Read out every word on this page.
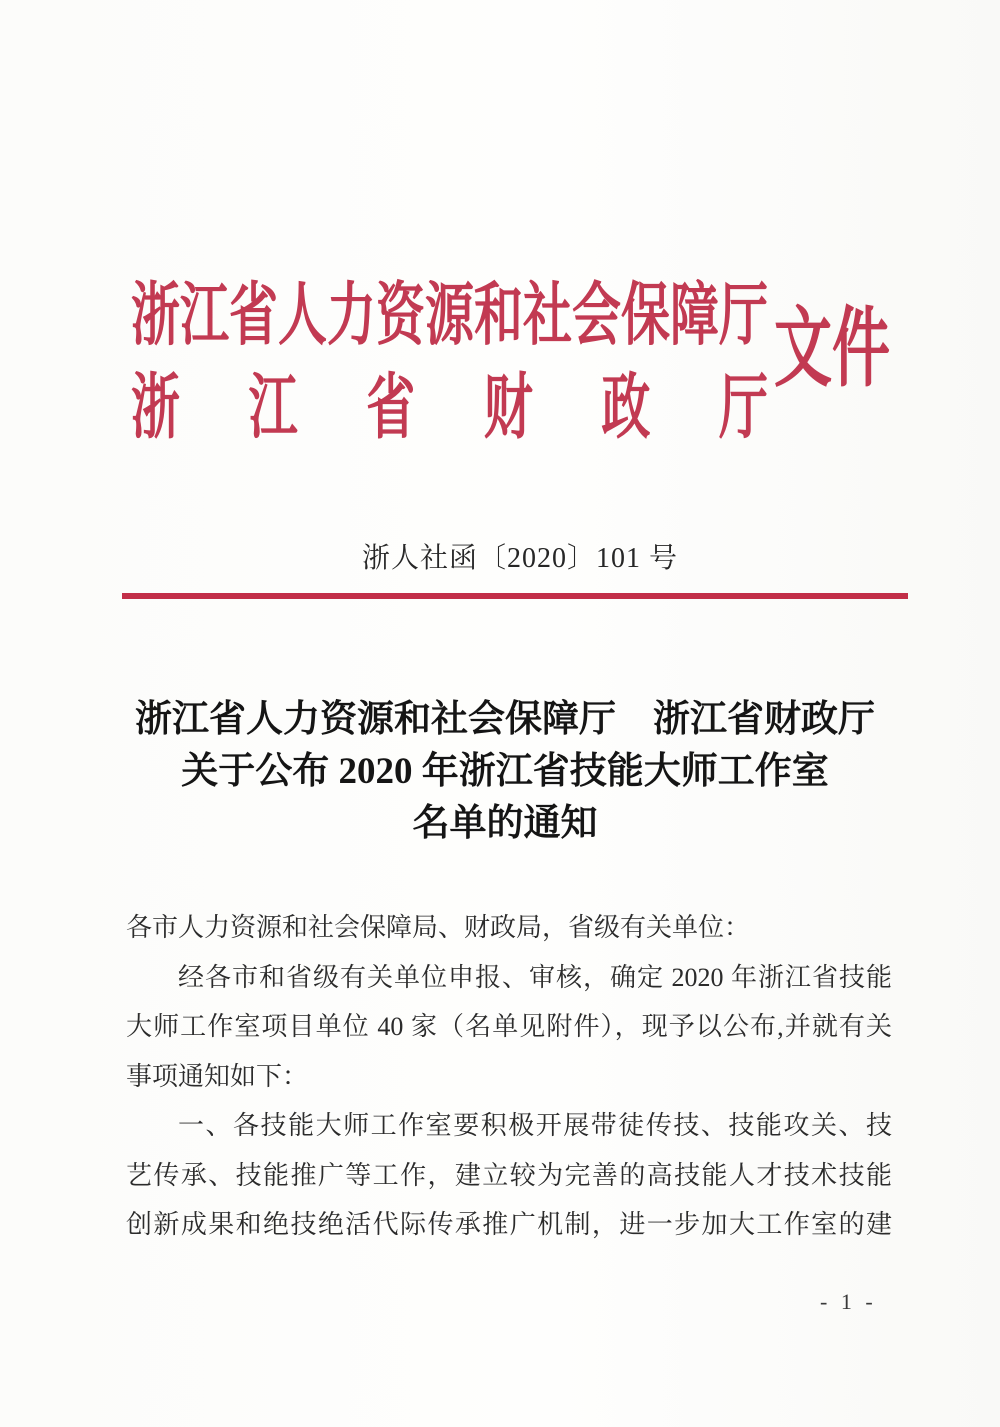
浙江省人力资源和社会保障厅
浙 江 省 财 政 厅
文件
浙人社函〔2020〕101 号
浙江省人力资源和社会保障厅　浙江省财政厅
关于公布 2020 年浙江省技能大师工作室
名单的通知
各市人力资源和社会保障局、财政局，省级有关单位：
经各市和省级有关单位申报、审核，确定 2020 年浙江省技能
大师工作室项目单位 40 家（名单见附件），现予以公布,并就有关
事项通知如下：
一、各技能大师工作室要积极开展带徒传技、技能攻关、技
艺传承、技能推广等工作，建立较为完善的高技能人才技术技能
创新成果和绝技绝活代际传承推广机制，进一步加大工作室的建
- 1 -
